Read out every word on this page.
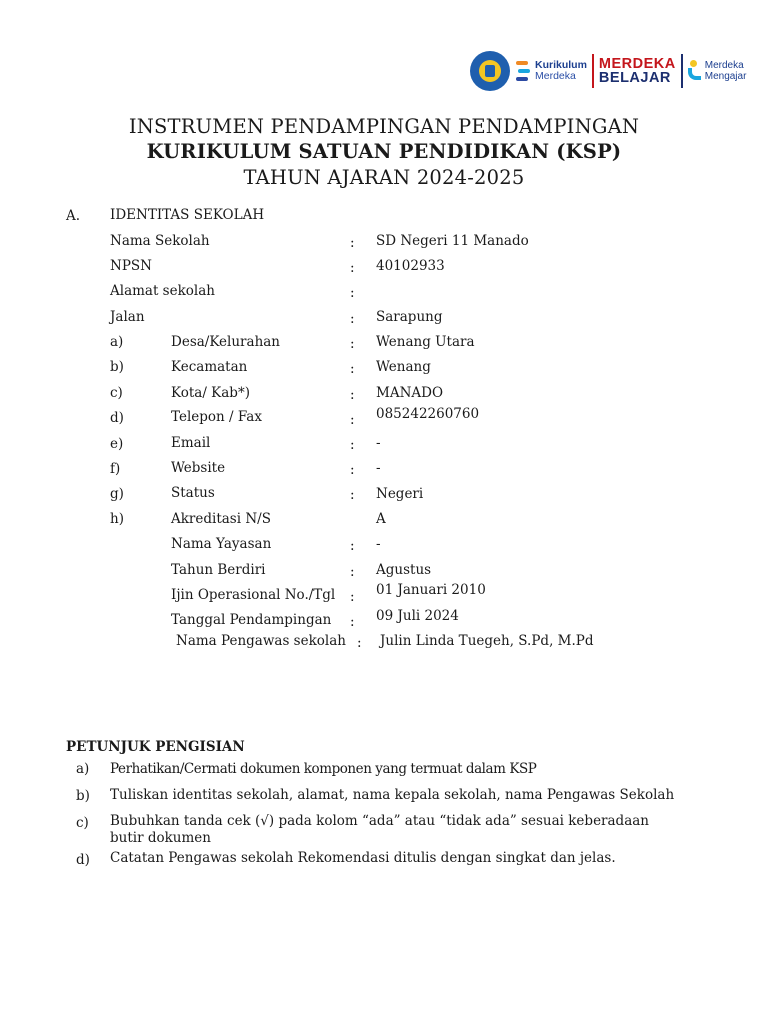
Kurikulum
Merdeka
MERDEKA
BELAJAR
Merdeka
Mengajar
INSTRUMEN PENDAMPINGAN PENDAMPINGAN
KURIKULUM SATUAN PENDIDIKAN (KSP)
TAHUN AJARAN 2024-2025
A. IDENTITAS SEKOLAH
Nama Sekolah	: SD Negeri 11 Manado
NPSN	: 40102933
Alamat sekolah	:
Jalan	: Sarapung
a)	Desa/Kelurahan	: Wenang Utara
b)	Kecamatan	: Wenang
c)	Kota/ Kab*)	: MANADO
d)	Telepon / Fax	: 085242260760
e)	Email	: -
f)	Website	: -
g)	Status	: Negeri
h)	Akreditasi N/S	A
Nama Yayasan	: -
Tahun Berdiri	: Agustus
Ijin Operasional No./Tgl : 01 Januari 2010
Tanggal Pendampingan : 09 Juli 2024
Nama Pengawas sekolah : Julin Linda Tuegeh, S.Pd, M.Pd
PETUNJUK PENGISIAN
a) Perhatikan/Cermati dokumen komponen yang termuat dalam KSP
b) Tuliskan identitas sekolah, alamat, nama kepala sekolah, nama Pengawas Sekolah
c) Bubuhkan tanda cek (√) pada kolom “ada” atau “tidak ada” sesuai keberadaan butir dokumen
d) Catatan Pengawas sekolah Rekomendasi ditulis dengan singkat dan jelas.
